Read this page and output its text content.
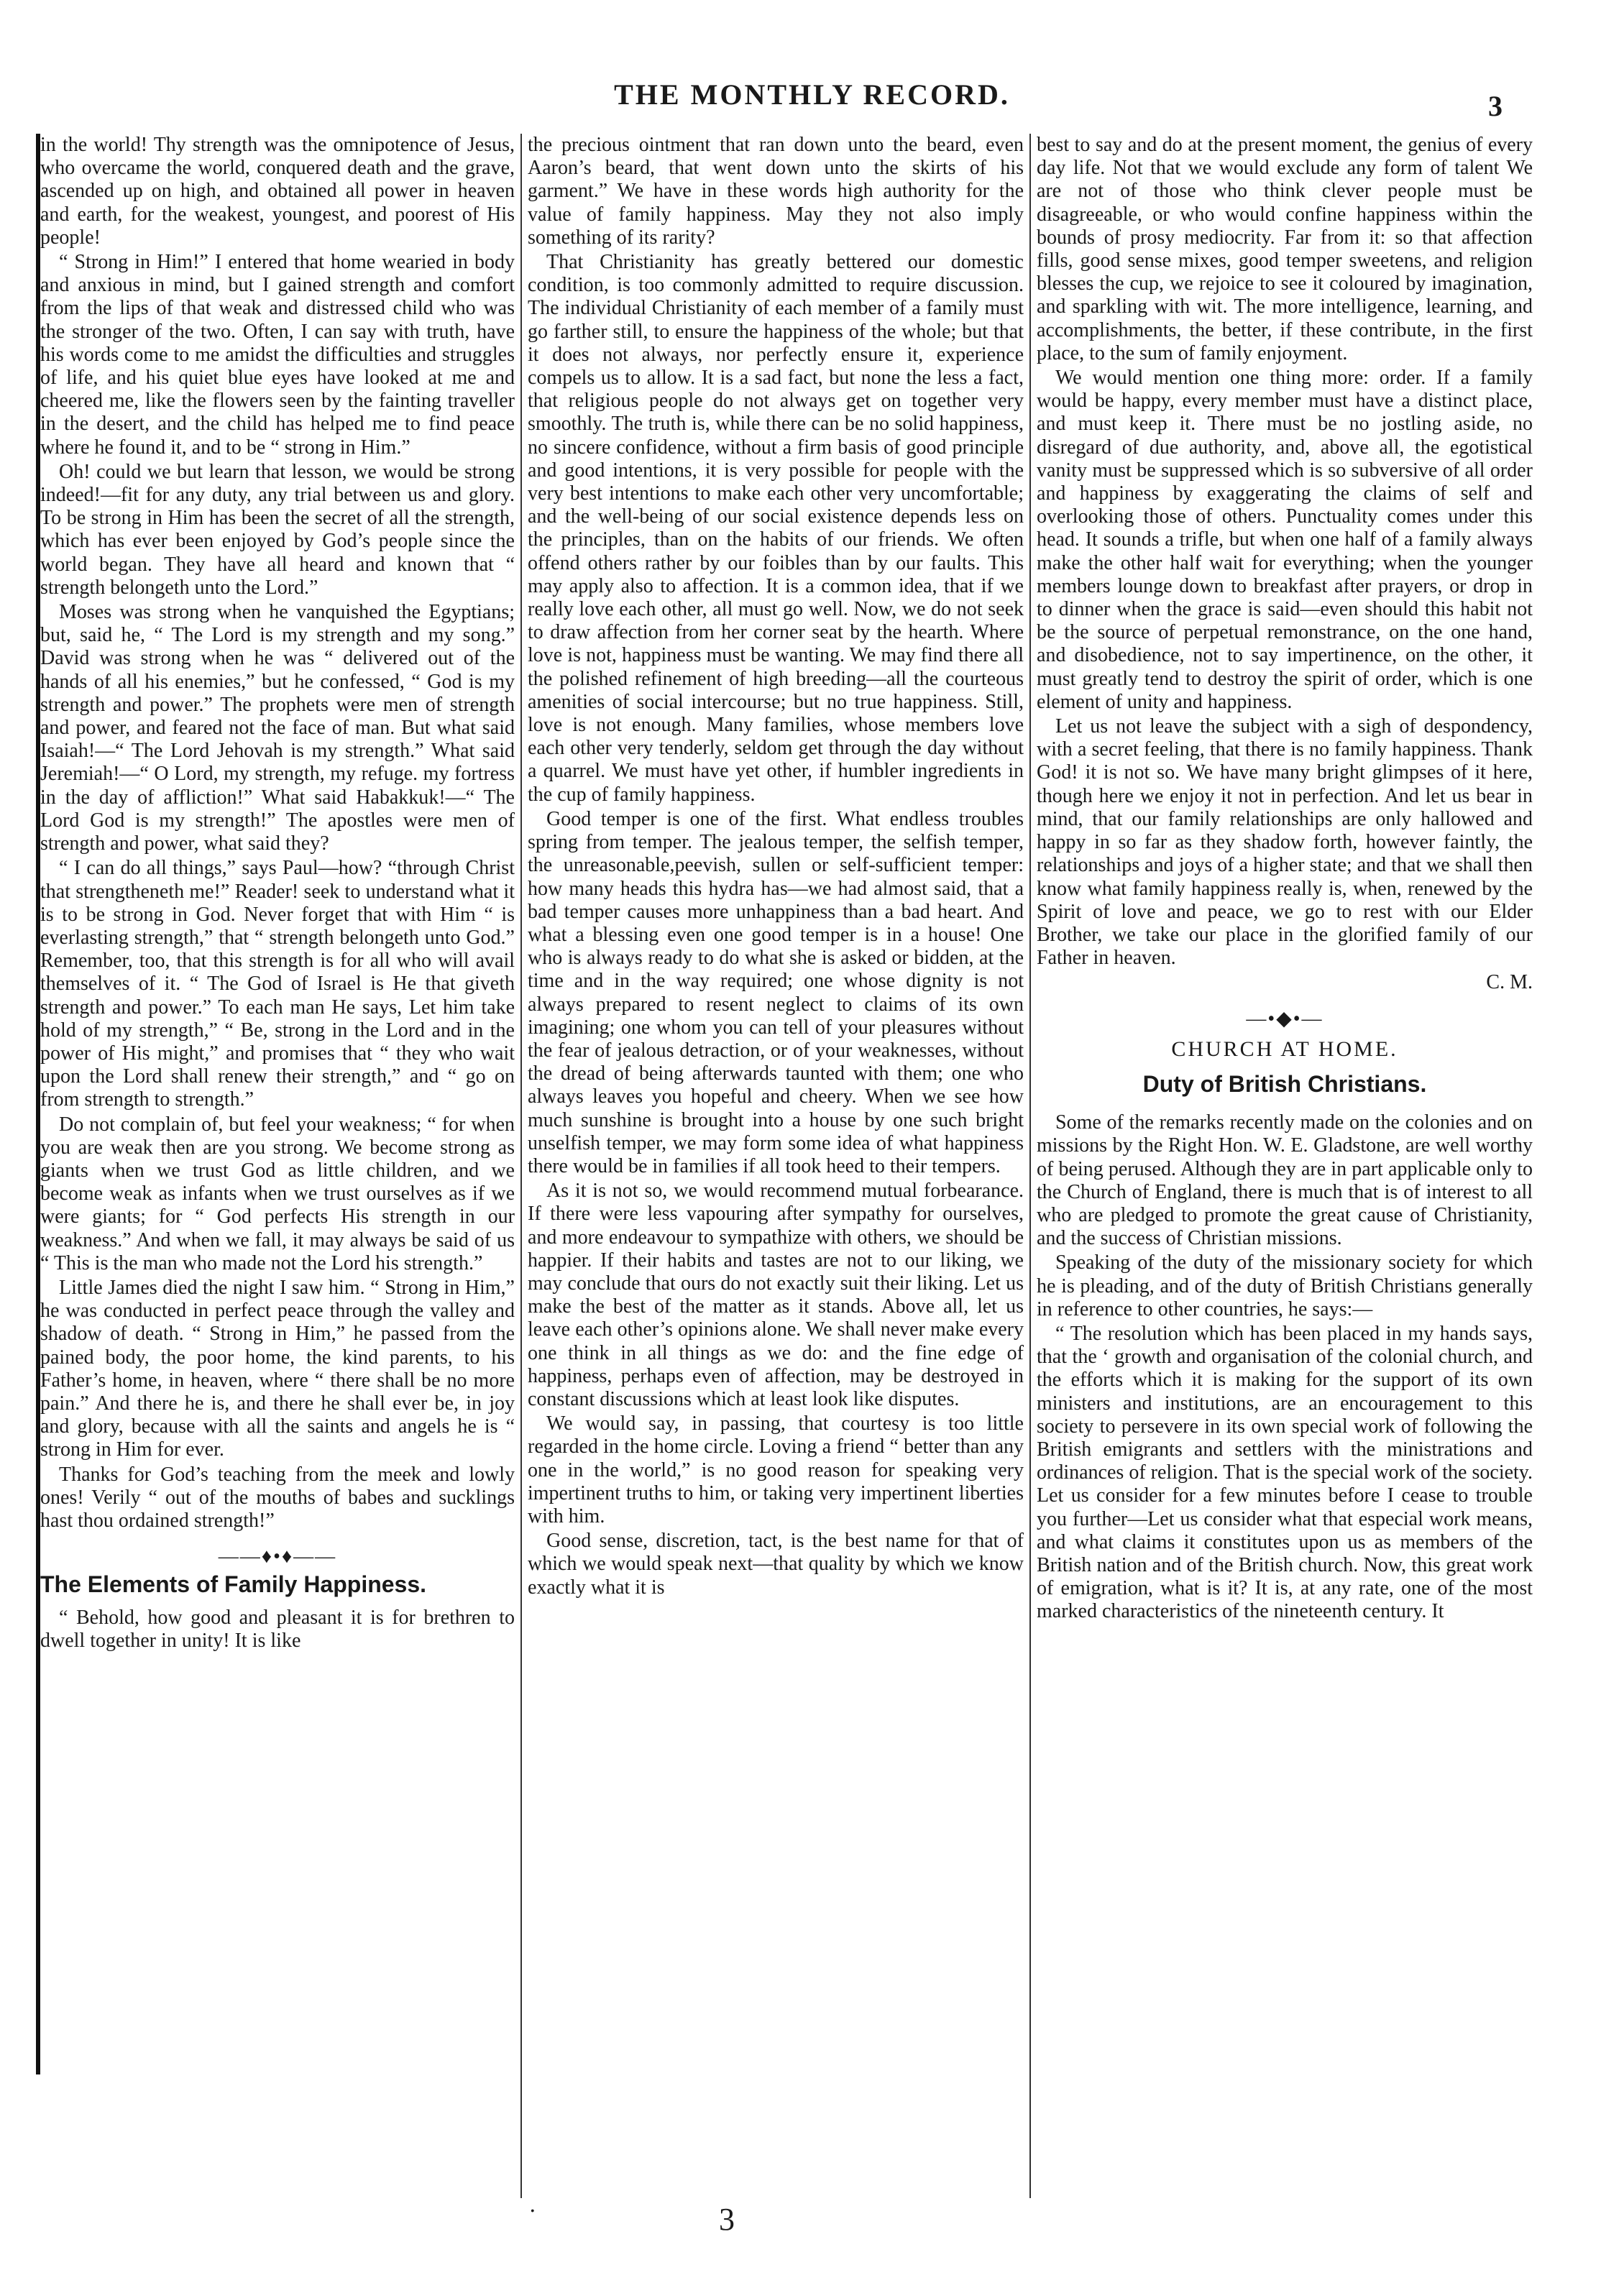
THE MONTHLY RECORD.	3

in the world! Thy strength was the omnipotence of Jesus, who overcame the world, conquered death and the grave, ascended up on high, and obtained all power in heaven and earth, for the weakest, youngest, and poorest of His people!

“ Strong in Him!” I entered that home wearied in body and anxious in mind, but I gained strength and comfort from the lips of that weak and distressed child who was the stronger of the two. Often, I can say with truth, have his words come to me amidst the difficulties and struggles of life, and his quiet blue eyes have looked at me and cheered me, like the flowers seen by the fainting traveller in the desert, and the child has helped me to find peace where he found it, and to be “ strong in Him.”

Oh! could we but learn that lesson, we would be strong indeed!—fit for any duty, any trial between us and glory. To be strong in Him has been the secret of all the strength, which has ever been enjoyed by God’s people since the world began. They have all heard and known that “ strength belongeth unto the Lord.”

Moses was strong when he vanquished the Egyptians; but, said he, “ The Lord is my strength and my song.” David was strong when he was “ delivered out of the hands of all his enemies,” but he confessed, “ God is my strength and power.” The prophets were men of strength and power, and feared not the face of man. But what said Isaiah!—“ The Lord Jehovah is my strength.” What said Jeremiah!—“ O Lord, my strength, my refuge. my fortress in the day of affliction!” What said Habakkuk!—“ The Lord God is my strength!” The apostles were men of strength and power, what said they?

“ I can do all things,” says Paul—how? “through Christ that strengtheneth me!” Reader! seek to understand what it is to be strong in God. Never forget that with Him “ is everlasting strength,” that “ strength belongeth unto God.” Remember, too, that this strength is for all who will avail themselves of it. “ The God of Israel is He that giveth strength and power.” To each man He says, Let him take hold of my strength,” “ Be, strong in the Lord and in the power of His might,” and promises that “ they who wait upon the Lord shall renew their strength,” and “ go on from strength to strength.”

Do not complain of, but feel your weakness; “ for when you are weak then are you strong. We become strong as giants when we trust God as little children, and we become weak as infants when we trust ourselves as if we were giants; for “ God perfects His strength in our weakness.” And when we fall, it may always be said of us “ This is the man who made not the Lord his strength.”

Little James died the night I saw him. “ Strong in Him,” he was conducted in perfect peace through the valley and shadow of death. “ Strong in Him,” he passed from the pained body, the poor home, the kind parents, to his Father’s home, in heaven, where “ there shall be no more pain.” And there he is, and there he shall ever be, in joy and glory, because with all the saints and angels he is “ strong in Him for ever.

Thanks for God’s teaching from the meek and lowly ones! Verily “ out of the mouths of babes and sucklings hast thou ordained strength!”

——♦•♦——
The Elements of Family Happiness.

“ Behold, how good and pleasant it is for brethren to dwell together in unity! It is like

the precious ointment that ran down unto the beard, even Aaron’s beard, that went down unto the skirts of his garment.” We have in these words high authority for the value of family happiness. May they not also imply something of its rarity?

That Christianity has greatly bettered our domestic condition, is too commonly admitted to require discussion. The individual Christianity of each member of a family must go farther still, to ensure the happiness of the whole; but that it does not always, nor perfectly ensure it, experience compels us to allow. It is a sad fact, but none the less a fact, that religious people do not always get on together very smoothly. The truth is, while there can be no solid happiness, no sincere confidence, without a firm basis of good principle and good intentions, it is very possible for people with the very best intentions to make each other very uncomfortable; and the well-being of our social existence depends less on the principles, than on the habits of our friends. We often offend others rather by our foibles than by our faults. This may apply also to affection. It is a common idea, that if we really love each other, all must go well. Now, we do not seek to draw affection from her corner seat by the hearth. Where love is not, happiness must be wanting. We may find there all the polished refinement of high breeding—all the courteous amenities of social intercourse; but no true happiness. Still, love is not enough. Many families, whose members love each other very tenderly, seldom get through the day without a quarrel. We must have yet other, if humbler ingredients in the cup of family happiness.

Good temper is one of the first. What endless troubles spring from temper. The jealous temper, the selfish temper, the unreasonable,peevish, sullen or self-sufficient temper: how many heads this hydra has—we had almost said, that a bad temper causes more unhappiness than a bad heart. And what a blessing even one good temper is in a house! One who is always ready to do what she is asked or bidden, at the time and in the way required; one whose dignity is not always prepared to resent neglect to claims of its own imagining; one whom you can tell of your pleasures without the fear of jealous detraction, or of your weaknesses, without the dread of being afterwards taunted with them; one who always leaves you hopeful and cheery. When we see how much sunshine is brought into a house by one such bright unselfish temper, we may form some idea of what happiness there would be in families if all took heed to their tempers.

As it is not so, we would recommend mutual forbearance. If there were less vapouring after sympathy for ourselves, and more endeavour to sympathize with others, we should be happier. If their habits and tastes are not to our liking, we may conclude that ours do not exactly suit their liking. Let us make the best of the matter as it stands. Above all, let us leave each other’s opinions alone. We shall never make every one think in all things as we do: and the fine edge of happiness, perhaps even of affection, may be destroyed in constant discussions which at least look like disputes.

We would say, in passing, that courtesy is too little regarded in the home circle. Loving a friend “ better than any one in the world,” is no good reason for speaking very impertinent truths to him, or taking very impertinent liberties with him.

Good sense, discretion, tact, is the best name for that of which we would speak next—that quality by which we know exactly what it is

best to say and do at the present moment, the genius of every day life. Not that we would exclude any form of talent We are not of those who think clever people must be disagreeable, or who would confine happiness within the bounds of prosy mediocrity. Far from it: so that affection fills, good sense mixes, good temper sweetens, and religion blesses the cup, we rejoice to see it coloured by imagination, and sparkling with wit. The more intelligence, learning, and accomplishments, the better, if these contribute, in the first place, to the sum of family enjoyment.

We would mention one thing more: order. If a family would be happy, every member must have a distinct place, and must keep it. There must be no jostling aside, no disregard of due authority, and, above all, the egotistical vanity must be suppressed which is so subversive of all order and happiness by exaggerating the claims of self and overlooking those of others. Punctuality comes under this head. It sounds a trifle, but when one half of a family always make the other half wait for everything; when the younger members lounge down to breakfast after prayers, or drop in to dinner when the grace is said—even should this habit not be the source of perpetual remonstrance, on the one hand, and disobedience, not to say impertinence, on the other, it must greatly tend to destroy the spirit of order, which is one element of unity and happiness.

Let us not leave the subject with a sigh of despondency, with a secret feeling, that there is no family happiness. Thank God! it is not so. We have many bright glimpses of it here, though here we enjoy it not in perfection. And let us bear in mind, that our family relationships are only hallowed and happy in so far as they shadow forth, however faintly, the relationships and joys of a higher state; and that we shall then know what family happiness really is, when, renewed by the Spirit of love and peace, we go to rest with our Elder Brother, we take our place in the glorified family of our Father in heaven.

C. M.
—•◆•—
CHURCH AT HOME.
Duty of British Christians.

Some of the remarks recently made on the colonies and on missions by the Right Hon. W. E. Gladstone, are well worthy of being perused. Although they are in part applicable only to the Church of England, there is much that is of interest to all who are pledged to promote the great cause of Christianity, and the success of Christian missions.

Speaking of the duty of the missionary society for which he is pleading, and of the duty of British Christians generally in reference to other countries, he says:—

“ The resolution which has been placed in my hands says, that the ‘ growth and organisation of the colonial church, and the efforts which it is making for the support of its own ministers and institutions, are an encouragement to this society to persevere in its own special work of following the British emigrants and settlers with the ministrations and ordinances of religion. That is the special work of the society. Let us consider for a few minutes before I cease to trouble you further—Let us consider what that especial work means, and what claims it constitutes upon us as members of the British nation and of the British church. Now, this great work of emigration, what is it? It is, at any rate, one of the most marked characteristics of the nineteenth century. It

.	3
